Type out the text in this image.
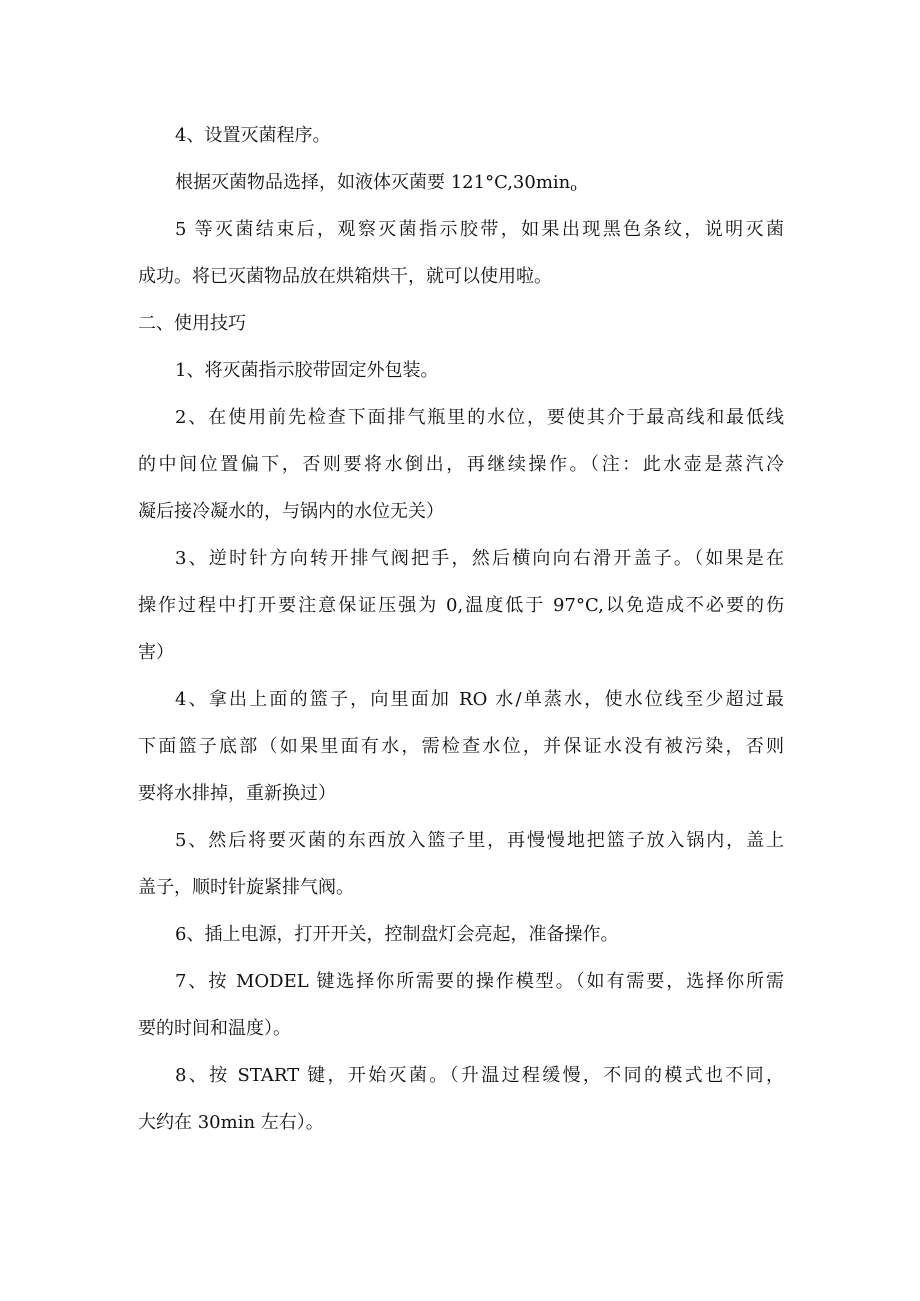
4、设置灭菌程序。

根据灭菌物品选择，如液体灭菌要 $121^\circ C,30\min_o$

5 等灭菌结束后，观察灭菌指示胶带，如果出现黑色条纹，说明灭菌
成功。将已灭菌物品放在烘箱烘干，就可以使用啦。

二、使用技巧

1、将灭菌指示胶带固定外包装。

2、在使用前先检查下面排气瓶里的水位，要使其介于最高线和最低线
的中间位置偏下，否则要将水倒出，再继续操作。（注：此水壶是蒸汽冷
凝后接冷凝水的，与锅内的水位无关）

3、逆时针方向转开排气阀把手，然后横向向右滑开盖子。（如果是在
操作过程中打开要注意保证压强为 0,温度低于 97°C,以免造成不必要的伤
害）

4、拿出上面的篮子，向里面加 RO 水/单蒸水，使水位线至少超过最
下面篮子底部（如果里面有水，需检查水位，并保证水没有被污染，否则
要将水排掉，重新换过）

5、然后将要灭菌的东西放入篮子里，再慢慢地把篮子放入锅内，盖上
盖子，顺时针旋紧排气阀。

6、插上电源，打开开关，控制盘灯会亮起，准备操作。

7、按 MODEL 键选择你所需要的操作模型。（如有需要，选择你所需
要的时间和温度）。

8、按 START 键，开始灭菌。（升温过程缓慢，不同的模式也不同，
大约在 30min 左右）。
